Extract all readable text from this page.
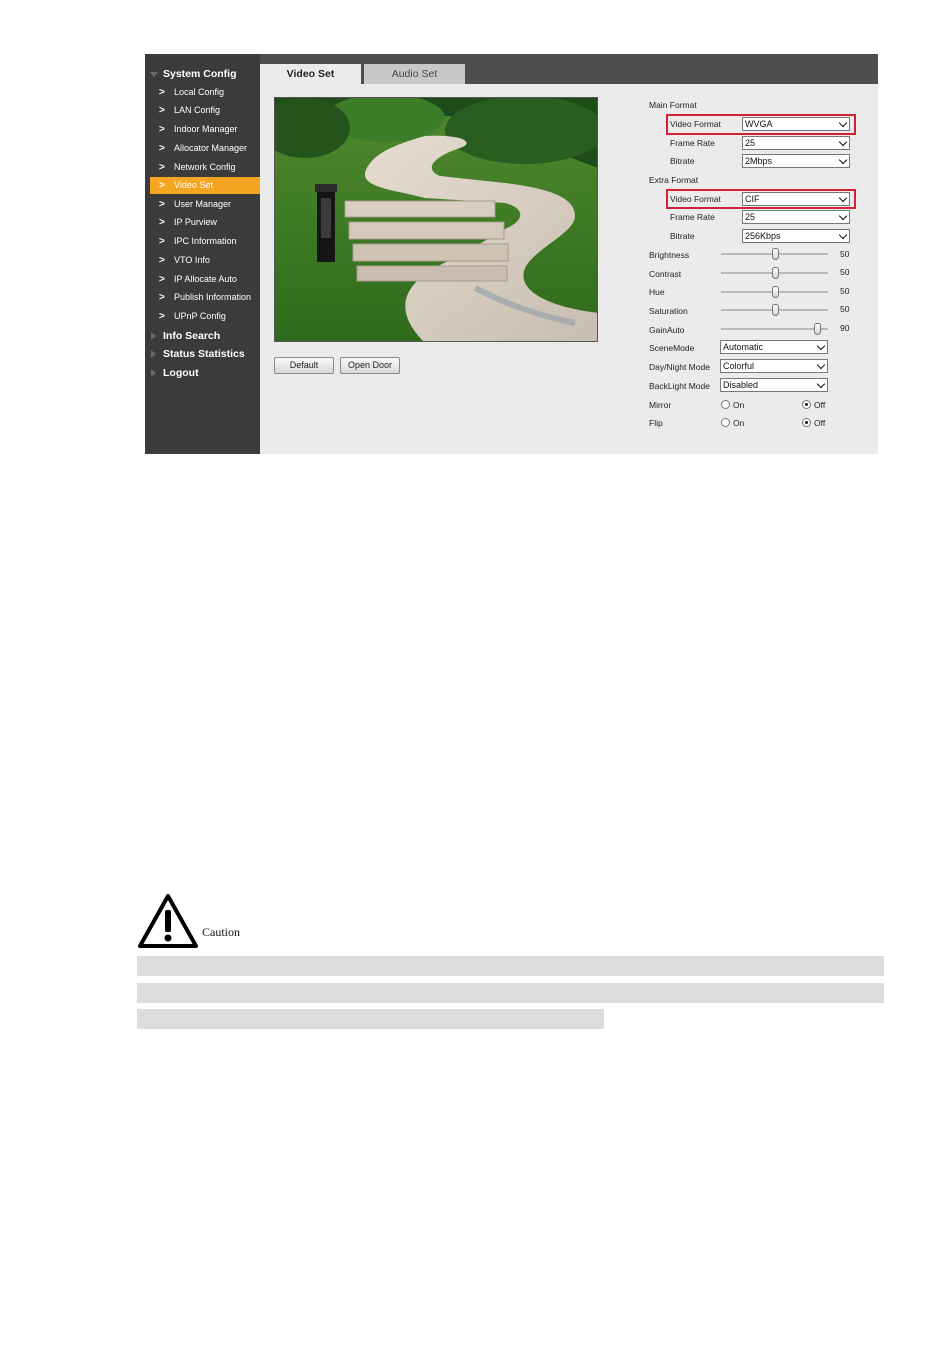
System Config
> Local Config
> LAN Config
> Indoor Manager
> Allocator Manager
> Network Config
> Video Set
> User Manager
> IP Purview
> IPC Information
> VTO Info
> IP Allocate Auto
> Publish Information
> UPnP Config
Info Search
Status Statistics
Logout
Video Set	Audio Set
Default	Open Door
Main Format
Video Format	WVGA
Frame Rate	25
Bitrate	2Mbps
Extra Format
Video Format	CIF
Frame Rate	25
Bitrate	256Kbps
Brightness	50
Contrast	50
Hue	50
Saturation	50
GainAuto	90
SceneMode	Automatic
Day/Night Mode	Colorful
BackLight Mode	Disabled
Mirror	On	Off
Flip	On	Off
Caution
